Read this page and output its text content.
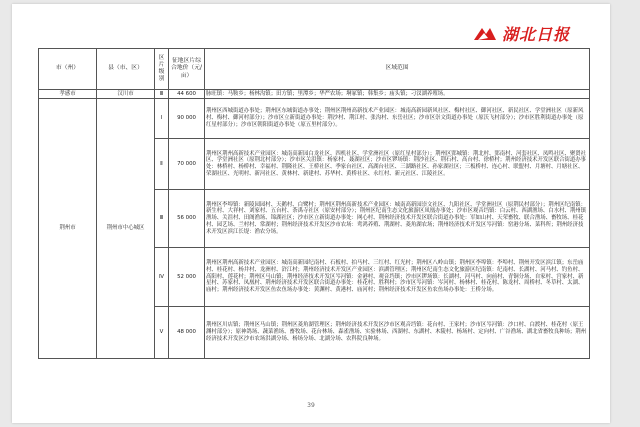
湖北日报
市（州）	县（市、区）	区片级别	征地区片综合地价（元/亩）	区域范围
孝感市	汉川市	Ⅲ	44 600	脉旺镇：马鞍乡；杨林沟镇；田方镇；里潭乡；华严农场；垌冢镇；韩集乡；庙头镇；刁汊湖养殖场。
荆州市	荆州市中心城区	Ⅰ	90 000	荆州区西城街道办事处；荆州区东城街道办事处；荆州区荆州高新技术产业园区：城南高新园新风社区、梅村社区、御河社区、新民社区、学堂洲社区（原新风村、梅村、御河村部分）；沙市区立新街道办事处：荆沙村、荆江村、张沟村、东岳社区；沙市区崇文街道办事处（原沃飞村部分）；沙市区胜利街道办事处（原红星村部分）；沙市区朝阳街道办事处（原五里村部分）。
		Ⅱ	70 000	荆州区荆州高新技术产业园区：城南高新园白龙社区、四机社区、学堂洲社区（原红星村部分）；荆州区郢城镇：荆北村、郢南村、河套社区、凤鸣社区、聚贤社区、学堂洲社区（原荆北村部分）；沙市区关沮镇：杨家村、聂湖社区；沙市区锣场镇：荆沙社区、荆石村、高台村、徐桥村；荆州经济技术开发区联合街道办事处：林桥村、杨桥村、幸福村、荆隆社区、王桥社区、季家台社区、高湖台社区、三湖路社区、孙家湖社区；三板桥村、连心村、联盟村、月塘村、月塘社区、荣湖社区、光明村、新河社区、黄林村、新建村、苏华村、黄桥社区、永红村、新元社区、江陵社区。
		Ⅲ	56 000	荆州区李埠镇：新陵园园村、天鹅村、白鹭村；荆州区荆州高新技术产业园区：城南高新园崇文社区、九阳社区、学堂洲社区（原荆民村部分）；荆州区纪南镇：新生村、大祥村、刘家村、五台村、荼禹寺社区（原安村部分）；荆州区纪南生态文化旅游区凤凰办事处；沙市区观音垱镇：白云村、西湖渔场、白水村、荆州镇渔场、关沮村、田阁渔场、锦湖社区；沙市区立新街道办事处：网心村、荆州经济技术开发区联合街道办事处：军如山村、天荣畜牧、联合渔场、畜牧场、桂花村、园艺场、兰村村、常湖村；荆州经济技术开发区沙市农场：鸾鸿养殖、荆湖村、菱角湖农场；荆州经济技术开发区岑河镇：窑港分场、菜科所；荆州经济技术开发区滨江长堤：渔农分场。
		Ⅳ	52 000	荆州区荆州高新技术产业园区：城南高新园纪南村、石板村、拍马村、三红村、红光村；荆州区八岭山镇；荆州区李埠镇：李埠村、荆州开发区滨江镇；东岳庙村、桂花村、杨井村、龙洲村、浒江村；荆州经济技术开发区产业园区：滨湖管理区；荆州区纪南生态文化旅游区纪南镇：纪南村、长湖村、河马村、钓鱼村、高阳村、莲花村；荆州区马山镇；荆州经济技术开发区岑河镇：金港村、观音垱镇；沙市区锣场镇：长湖村、河马村、向前村、青铜分场、自家村、宫家村、新星村、苏家村、凤凰村、荆州经济技术开发区联合街道办事处：桂花村、胜利村；沙市区岑河镇：岑河村、杨林村、桂花村、陈龙村、周桥村、冬草村、太湖、庙村；荆州经济技术开发区鱼农鱼场办事处：黄渊村、黄港村、庙河村；荆州经济技术开发区鱼农鱼场办事处：王桥分场。
		Ⅴ	48 000	荆州区川店镇；荆州区马山镇；荆州区菱角湖管理区；荆州经济技术开发区沙市区观音垱镇：花台村、王家村；沙市区岑河镇：沙口村、白渡村、桂花村（原王渊村部分）；原神鸽场、蔬菜渔场、畜牧场、花台林场、森雀渔场、实验林场、西湖村、东湖村、木陵村、杨场村、定向村、广谷渔场、湖北省畜牧良种场；荆州经济技术开发区沙市农场洪湖分场、杨场分场、北湖分场、农科院良种场。
39
